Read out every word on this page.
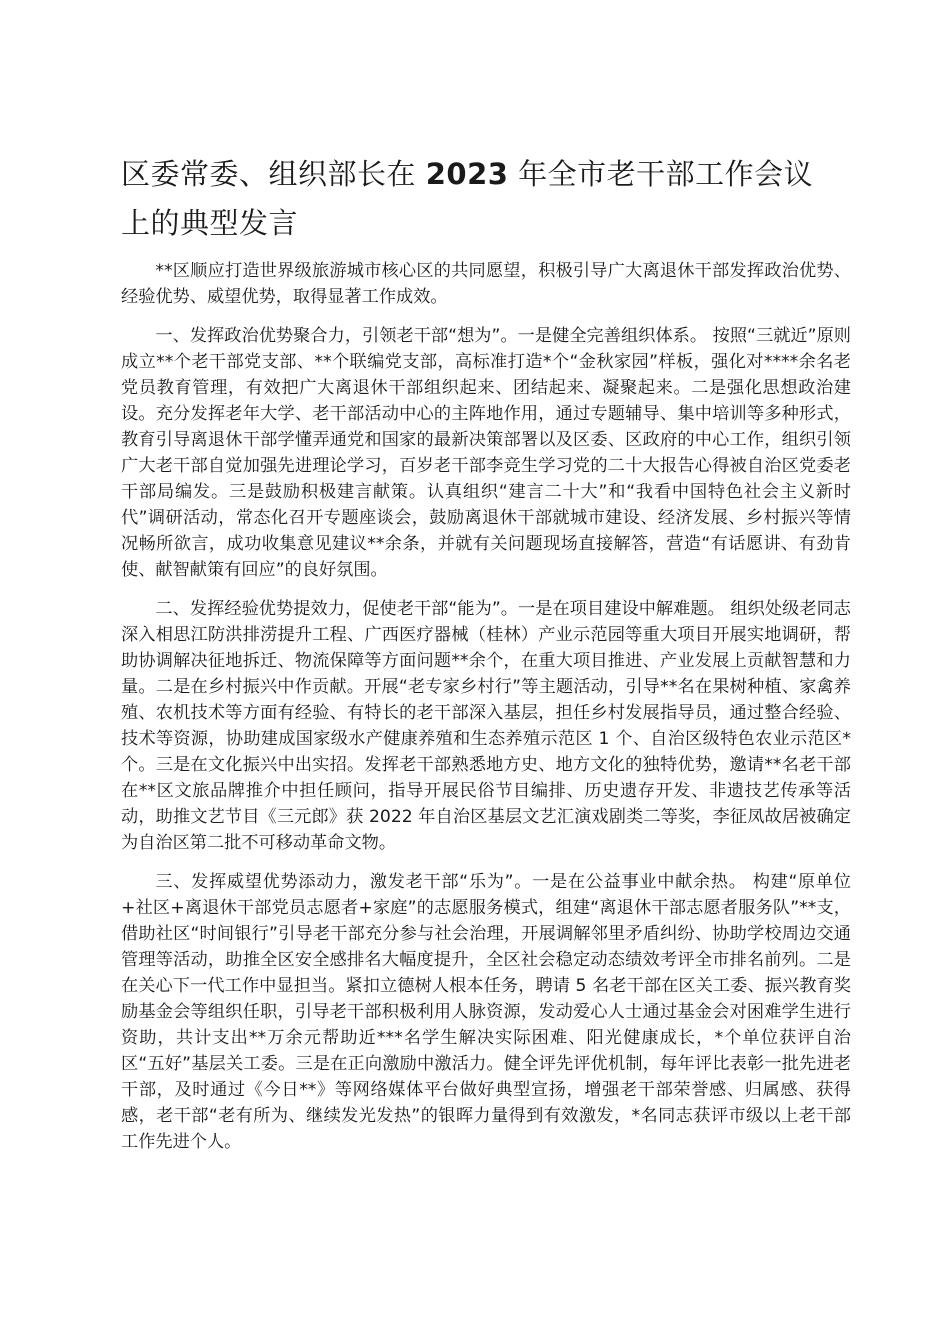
区委常委、组织部长在 2023 年全市老干部工作会议上的典型发言

**区顺应打造世界级旅游城市核心区的共同愿望，积极引导广大离退休干部发挥政治优势、经验优势、威望优势，取得显著工作成效。

一、发挥政治优势聚合力，引领老干部“想为”。一是健全完善组织体系。 按照“三就近”原则成立**个老干部党支部、**个联编党支部，高标准打造*个“金秋家园”样板，强化对****余名老党员教育管理，有效把广大离退休干部组织起来、团结起来、凝聚起来。二是强化思想政治建设。充分发挥老年大学、老干部活动中心的主阵地作用，通过专题辅导、集中培训等多种形式，教育引导离退休干部学懂弄通党和国家的最新决策部署以及区委、区政府的中心工作，组织引领广大老干部自觉加强先进理论学习，百岁老干部李竞生学习党的二十大报告心得被自治区党委老干部局编发。三是鼓励积极建言献策。认真组织“建言二十大”和“我看中国特色社会主义新时代”调研活动，常态化召开专题座谈会，鼓励离退休干部就城市建设、经济发展、乡村振兴等情况畅所欲言，成功收集意见建议**余条，并就有关问题现场直接解答，营造“有话愿讲、有劲肯使、献智献策有回应”的良好氛围。

二、发挥经验优势提效力，促使老干部“能为”。一是在项目建设中解难题。 组织处级老同志深入相思江防洪排涝提升工程、广西医疗器械（桂林）产业示范园等重大项目开展实地调研，帮助协调解决征地拆迁、物流保障等方面问题**余个，在重大项目推进、产业发展上贡献智慧和力量。二是在乡村振兴中作贡献。开展“老专家乡村行”等主题活动，引导**名在果树种植、家禽养殖、农机技术等方面有经验、有特长的老干部深入基层，担任乡村发展指导员，通过整合经验、技术等资源，协助建成国家级水产健康养殖和生态养殖示范区 1 个、自治区级特色农业示范区*个。三是在文化振兴中出实招。发挥老干部熟悉地方史、地方文化的独特优势，邀请**名老干部在**区文旅品牌推介中担任顾问，指导开展民俗节目编排、历史遗存开发、非遗技艺传承等活动，助推文艺节目《三元郎》获 2022 年自治区基层文艺汇演戏剧类二等奖，李征凤故居被确定为自治区第二批不可移动革命文物。

三、发挥威望优势添动力，激发老干部“乐为”。一是在公益事业中献余热。 构建“原单位+社区+离退休干部党员志愿者+家庭”的志愿服务模式，组建“离退休干部志愿者服务队”**支，借助社区“时间银行”引导老干部充分参与社会治理，开展调解邻里矛盾纠纷、协助学校周边交通管理等活动，助推全区安全感排名大幅度提升，全区社会稳定动态绩效考评全市排名前列。二是在关心下一代工作中显担当。紧扣立德树人根本任务，聘请 5 名老干部在区关工委、振兴教育奖励基金会等组织任职，引导老干部积极利用人脉资源，发动爱心人士通过基金会对困难学生进行资助，共计支出**万余元帮助近***名学生解决实际困难、阳光健康成长，*个单位获评自治区“五好”基层关工委。三是在正向激励中激活力。健全评先评优机制，每年评比表彰一批先进老干部，及时通过《今日**》等网络媒体平台做好典型宣扬，增强老干部荣誉感、归属感、获得感，老干部“老有所为、继续发光发热”的银晖力量得到有效激发，*名同志获评市级以上老干部工作先进个人。
